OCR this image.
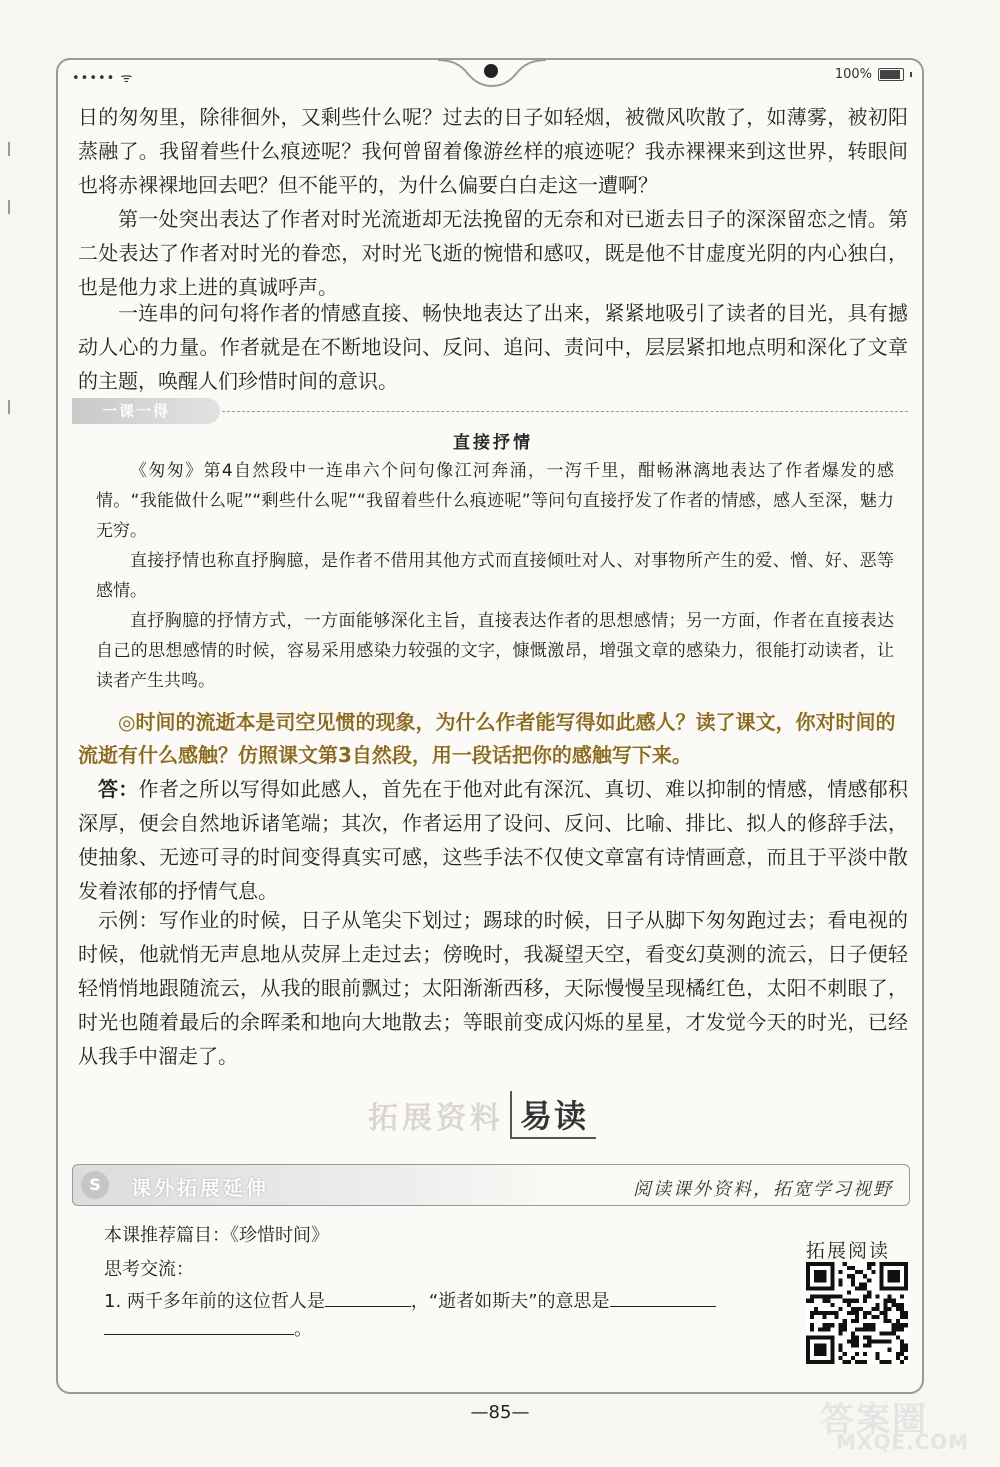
••••• ᯤ	100%
日的匆匆里，除徘徊外，又剩些什么呢？过去的日子如轻烟，被微风吹散了，如薄雾，被初阳蒸融了。我留着些什么痕迹呢？我何曾留着像游丝样的痕迹呢？我赤裸裸来到这世界，转眼间也将赤裸裸地回去吧？但不能平的，为什么偏要白白走这一遭啊？
第一处突出表达了作者对时光流逝却无法挽留的无奈和对已逝去日子的深深留恋之情。第二处表达了作者对时光的眷恋，对时光飞逝的惋惜和感叹，既是他不甘虚度光阴的内心独白，也是他力求上进的真诚呼声。
一连串的问句将作者的情感直接、畅快地表达了出来，紧紧地吸引了读者的目光，具有撼动人心的力量。作者就是在不断地设问、反问、追问、责问中，层层紧扣地点明和深化了文章的主题，唤醒人们珍惜时间的意识。
一课一得
直接抒情
《匆匆》第4自然段中一连串六个问句像江河奔涌，一泻千里，酣畅淋漓地表达了作者爆发的感情。“我能做什么呢”“剩些什么呢”“我留着些什么痕迹呢”等问句直接抒发了作者的情感，感人至深，魅力无穷。
直接抒情也称直抒胸臆，是作者不借用其他方式而直接倾吐对人、对事物所产生的爱、憎、好、恶等感情。
直抒胸臆的抒情方式，一方面能够深化主旨，直接表达作者的思想感情；另一方面，作者在直接表达自己的思想感情的时候，容易采用感染力较强的文字，慷慨激昂，增强文章的感染力，很能打动读者，让读者产生共鸣。
◎时间的流逝本是司空见惯的现象，为什么作者能写得如此感人？读了课文，你对时间的流逝有什么感触？仿照课文第3自然段，用一段话把你的感触写下来。
答：作者之所以写得如此感人，首先在于他对此有深沉、真切、难以抑制的情感，情感郁积深厚，便会自然地诉诸笔端；其次，作者运用了设问、反问、比喻、排比、拟人的修辞手法，使抽象、无迹可寻的时间变得真实可感，这些手法不仅使文章富有诗情画意，而且于平淡中散发着浓郁的抒情气息。
示例：写作业的时候，日子从笔尖下划过；踢球的时候，日子从脚下匆匆跑过去；看电视的时候，他就悄无声息地从荧屏上走过去；傍晚时，我凝望天空，看变幻莫测的流云，日子便轻轻悄悄地跟随流云，从我的眼前飘过；太阳渐渐西移，天际慢慢呈现橘红色，太阳不刺眼了，时光也随着最后的余晖柔和地向大地散去；等眼前变成闪烁的星星，才发觉今天的时光，已经从我手中溜走了。
拓展资料 易读
S	课外拓展延伸	阅读课外资料，拓宽学习视野
本课推荐篇目：《珍惜时间》
思考交流：
1. 两千多年前的这位哲人是	，“逝者如斯夫”的意思是
。
拓展阅读
—85—	答案圈
MXQE.COM
